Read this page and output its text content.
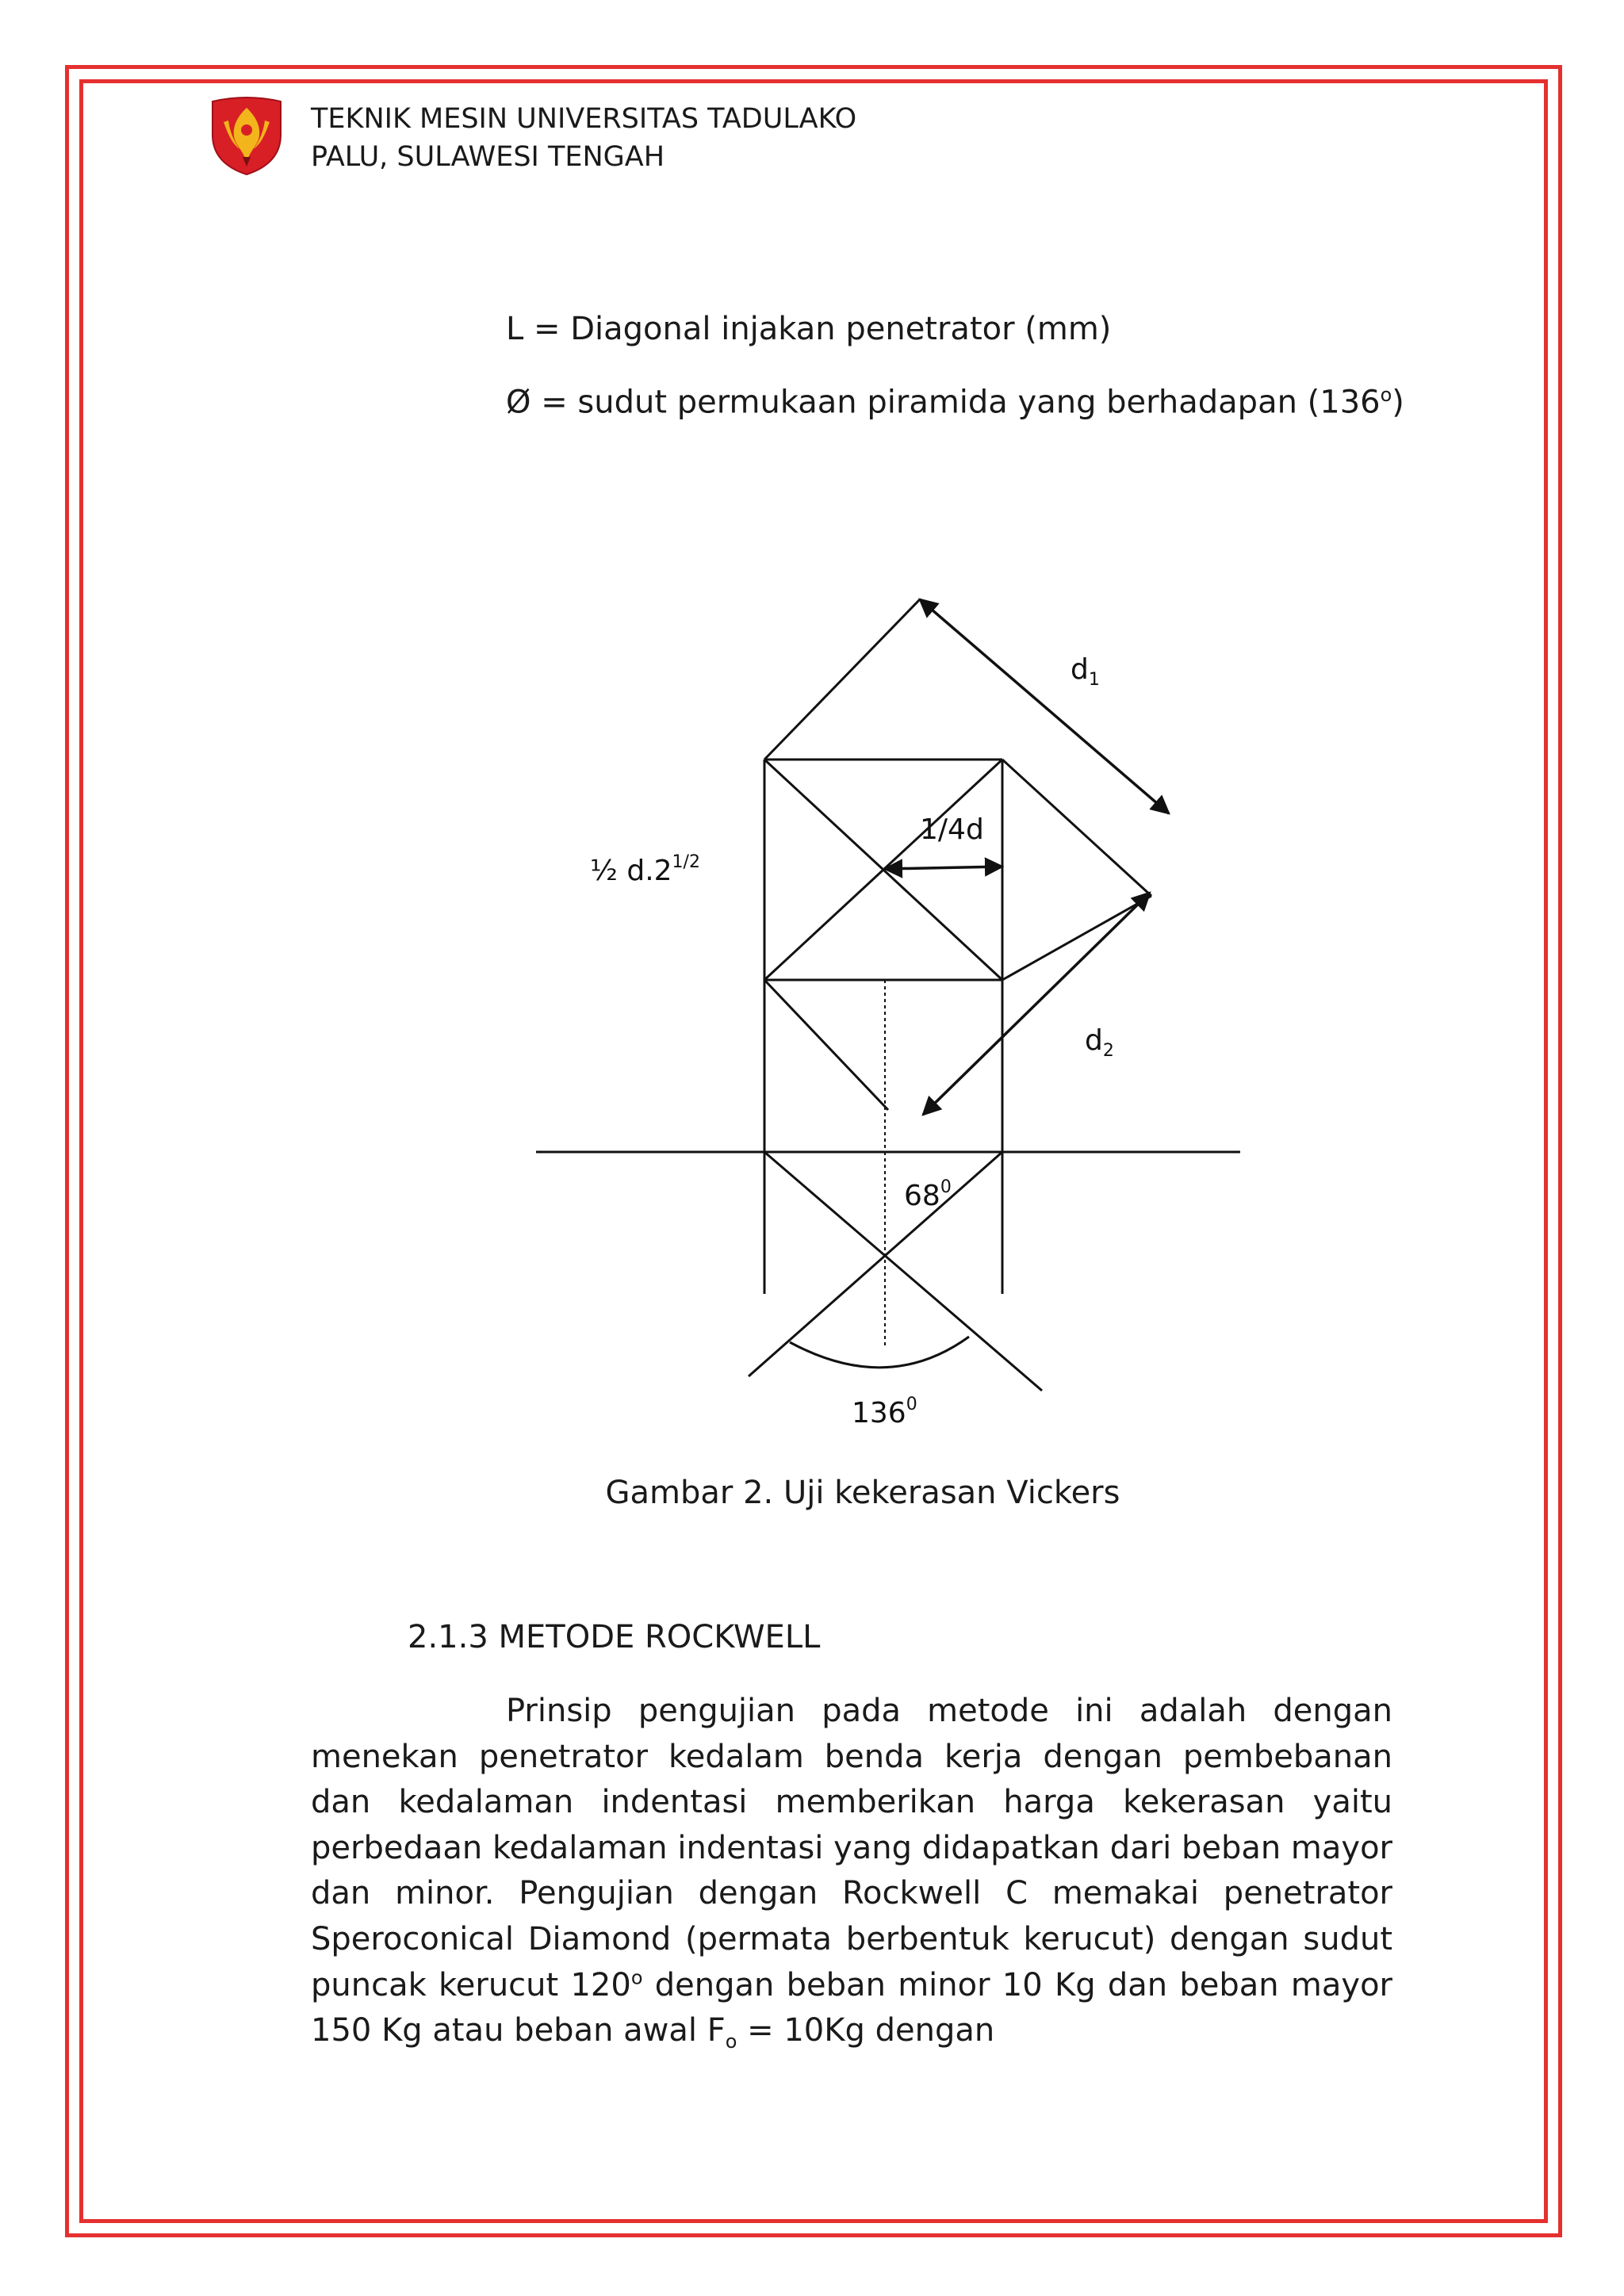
TEKNIK MESIN UNIVERSITAS TADULAKO
PALU, SULAWESI TENGAH
L = Diagonal injakan penetrator (mm)
Ø = sudut permukaan piramida yang berhadapan (136$^o$)
$d_1$
$d_2$
1/4d
½ $d.2^{1/2}$
$68^0$
$136^0$
Gambar 2. Uji kekerasan Vickers
2.1.3 METODE ROCKWELL
Prinsip pengujian pada metode ini adalah dengan menekan penetrator kedalam benda kerja dengan pembebanan dan kedalaman indentasi memberikan harga kekerasan yaitu perbedaan kedalaman indentasi yang didapatkan dari beban mayor dan minor. Pengujian dengan Rockwell C memakai penetrator Speroconical Diamond (permata berbentuk kerucut) dengan sudut puncak kerucut 120$^o$ dengan beban minor 10 Kg dan beban mayor 150 Kg atau beban awal $F_o = 10Kg$ dengan
